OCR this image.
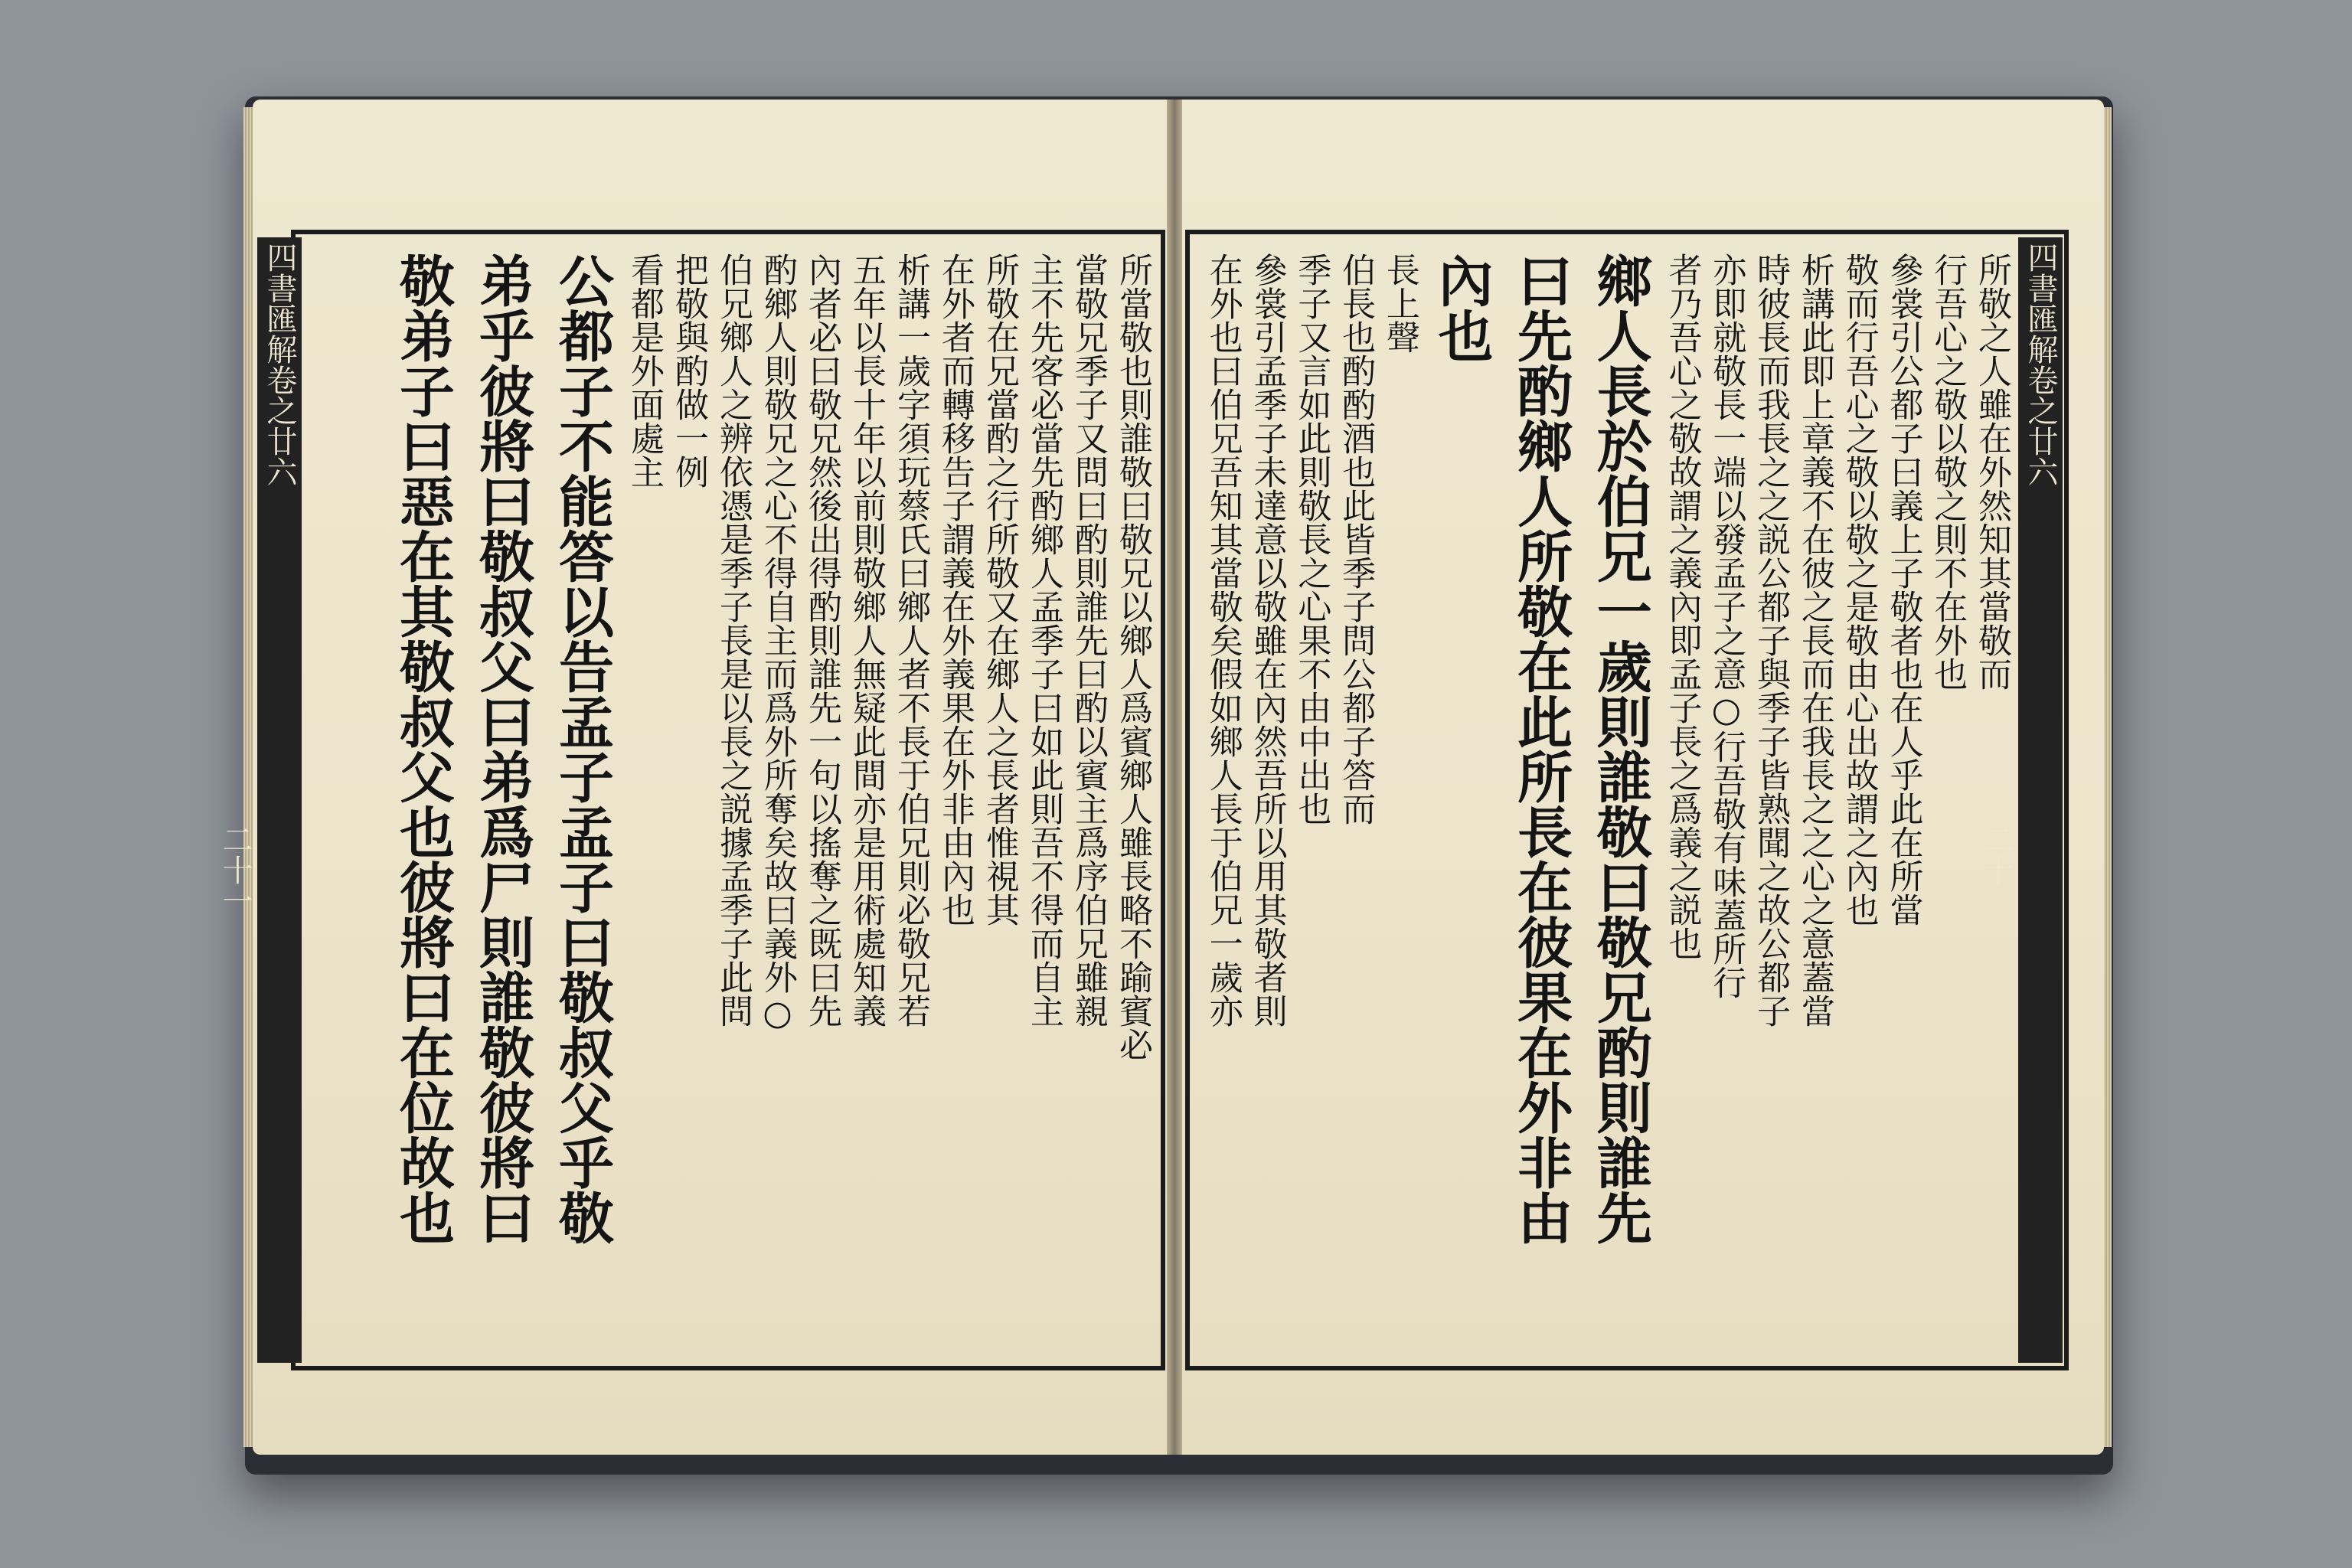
四書匯解卷之廿六
二十
所敬之人雖在外然知其當敬而
行吾心之敬以敬之則不在外也
參裳引公都子曰義上子敬者也在人乎此在所當
敬而行吾心之敬以敬之是敬由心出故謂之內也
析講此即上章義不在彼之長而在我長之之心之意蓋當
時彼長而我長之之説公都子與季子皆熟聞之故公都子
亦即就敬長一端以發孟子之意○行吾敬有味蓋所行
者乃吾心之敬故謂之義內即孟子長之爲義之説也
鄉人長於伯兄一歲則誰敬曰敬兄酌則誰先
曰先酌鄉人所敬在此所長在彼果在外非由
內也
長上聲
伯長也酌酌酒也此皆季子問公都子答而
季子又言如此則敬長之心果不由中出也
參裳引孟季子未達意以敬雖在內然吾所以用其敬者則
在外也曰伯兄吾知其當敬矣假如鄉人長于伯兄一歲亦
四書匯解卷之廿六
二十一	所當敬也則誰敬曰敬兄以鄉人爲賓鄉人雖長略不踰賓必
當敬兄季子又問曰酌則誰先曰酌以賓主爲序伯兄雖親
主不先客必當先酌鄉人孟季子曰如此則吾不得而自主
所敬在兄當酌之行所敬又在鄉人之長者惟視其
在外者而轉移告子謂義在外義果在外非由內也
析講一歲字須玩蔡氏曰鄉人者不長于伯兄則必敬兄若
五年以長十年以前則敬鄉人無疑此間亦是用術處知義
內者必曰敬兄然後出得酌則誰先一句以搖奪之既曰先
酌鄉人則敬兄之心不得自主而爲外所奪矣故曰義外○
伯兄鄉人之辨依憑是季子長是以長之説據孟季子此問
把敬與酌做一例
看都是外面處主
公都子不能答以告孟子孟子曰敬叔父乎敬
弟乎彼將曰敬叔父曰弟爲尸則誰敬彼將曰
敬弟子曰惡在其敬叔父也彼將曰在位故也
